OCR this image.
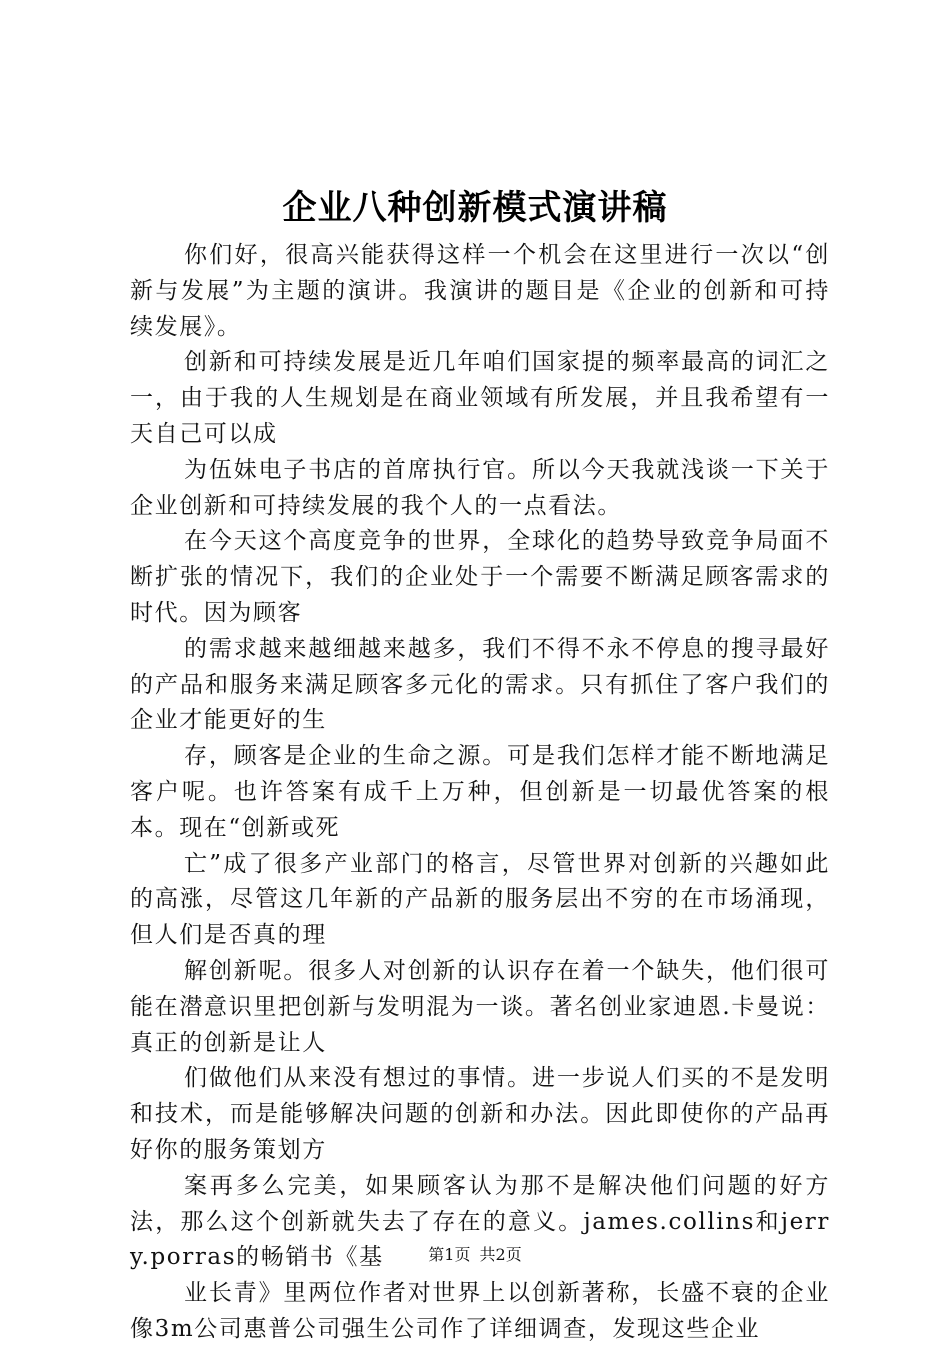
企业八种创新模式演讲稿

你们好，很高兴能获得这样一个机会在这里进行一次以“创新与发展”为主题的演讲。我演讲的题目是《企业的创新和可持续发展》。

创新和可持续发展是近几年咱们国家提的频率最高的词汇之一，由于我的人生规划是在商业领域有所发展，并且我希望有一天自己可以成

为伍妹电子书店的首席执行官。所以今天我就浅谈一下关于企业创新和可持续发展的我个人的一点看法。

在今天这个高度竞争的世界，全球化的趋势导致竞争局面不断扩张的情况下，我们的企业处于一个需要不断满足顾客需求的时代。因为顾客

的需求越来越细越来越多，我们不得不永不停息的搜寻最好的产品和服务来满足顾客多元化的需求。只有抓住了客户我们的企业才能更好的生

存，顾客是企业的生命之源。可是我们怎样才能不断地满足客户呢。也许答案有成千上万种，但创新是一切最优答案的根本。现在“创新或死

亡”成了很多产业部门的格言，尽管世界对创新的兴趣如此的高涨，尽管这几年新的产品新的服务层出不穷的在市场涌现，但人们是否真的理

解创新呢。很多人对创新的认识存在着一个缺失，他们很可能在潜意识里把创新与发明混为一谈。著名创业家迪恩.卡曼说：真正的创新是让人

们做他们从来没有想过的事情。进一步说人们买的不是发明和技术，而是能够解决问题的创新和办法。因此即使你的产品再好你的服务策划方

案再多么完美，如果顾客认为那不是解决他们问题的好方法，那么这个创新就失去了存在的意义。james.collins和jerry.porras的畅销书《基

业长青》里两位作者对世界上以创新著称，长盛不衰的企业像3m公司惠普公司强生公司作了详细调查，发现这些企业

第1页 共2页
